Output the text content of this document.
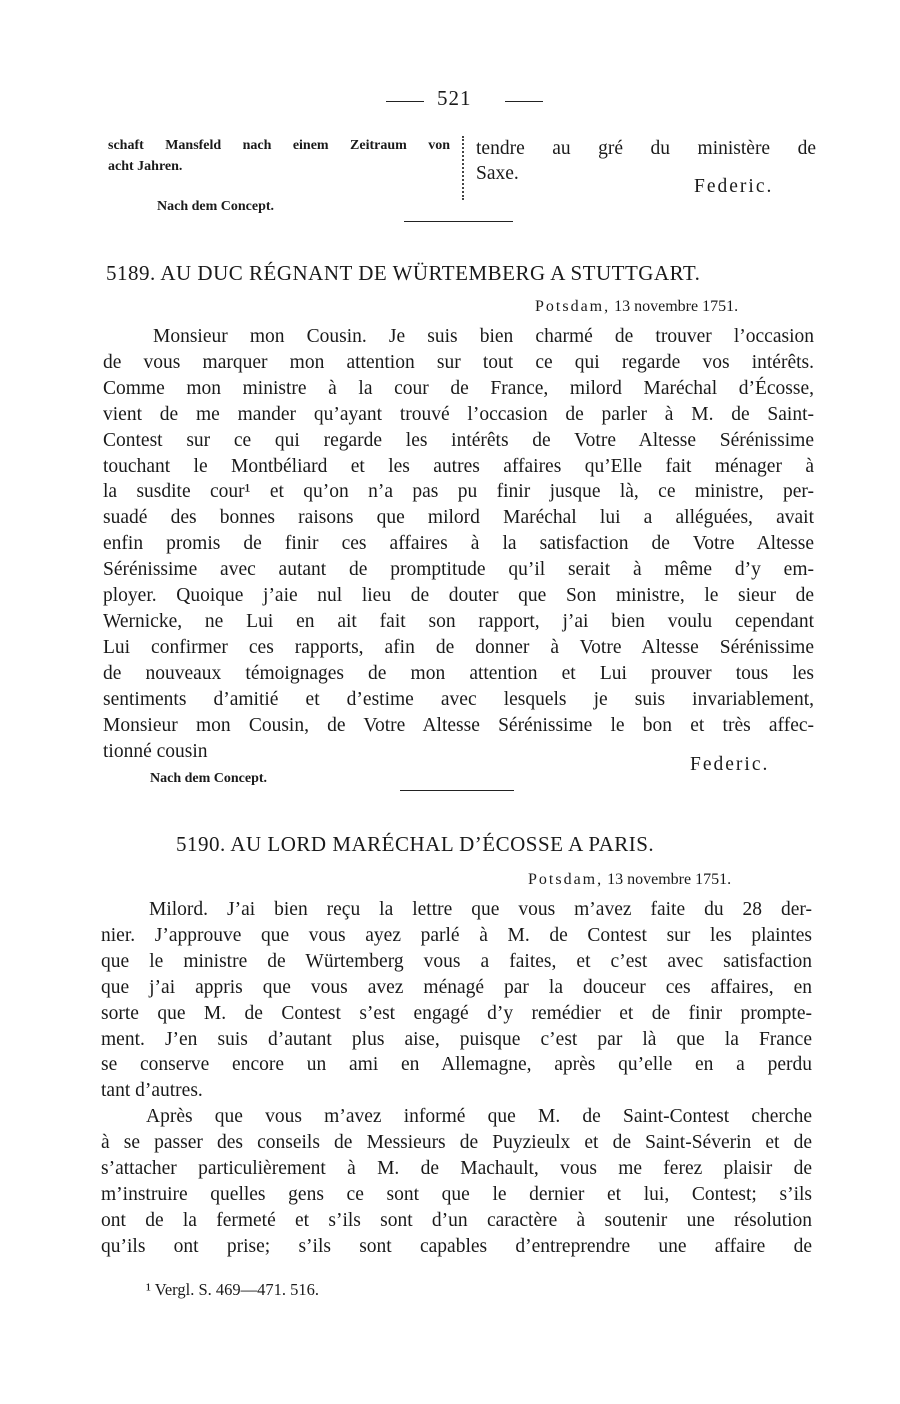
521
schaft Mansfeld nach einem Zeitraum von
acht Jahren.
tendre au gré du ministère de
Saxe.
Federic.
Nach dem Concept.
5189. AU DUC RÉGNANT DE WÜRTEMBERG A STUTTGART.
Potsdam, 13 novembre 1751.
Monsieur mon Cousin. Je suis bien charmé de trouver l’occasion
de vous marquer mon attention sur tout ce qui regarde vos intérêts.
Comme mon ministre à la cour de France, milord Maréchal d’Écosse,
vient de me mander qu’ayant trouvé l’occasion de parler à M. de Saint-
Contest sur ce qui regarde les intérêts de Votre Altesse Sérénissime
touchant le Montbéliard et les autres affaires qu’Elle fait ménager à
la susdite cour¹ et qu’on n’a pas pu finir jusque là, ce ministre, per-
suadé des bonnes raisons que milord Maréchal lui a alléguées, avait
enfin promis de finir ces affaires à la satisfaction de Votre Altesse
Sérénissime avec autant de promptitude qu’il serait à même d’y em-
ployer. Quoique j’aie nul lieu de douter que Son ministre, le sieur de
Wernicke, ne Lui en ait fait son rapport, j’ai bien voulu cependant
Lui confirmer ces rapports, afin de donner à Votre Altesse Sérénissime
de nouveaux témoignages de mon attention et Lui prouver tous les
sentiments d’amitié et d’estime avec lesquels je suis invariablement,
Monsieur mon Cousin, de Votre Altesse Sérénissime le bon et très affec-
tionné cousin
Federic.
Nach dem Concept.
5190. AU LORD MARÉCHAL D’ÉCOSSE A PARIS.
Potsdam, 13 novembre 1751.
Milord. J’ai bien reçu la lettre que vous m’avez faite du 28 der-
nier. J’approuve que vous ayez parlé à M. de Contest sur les plaintes
que le ministre de Würtemberg vous a faites, et c’est avec satisfaction
que j’ai appris que vous avez ménagé par la douceur ces affaires, en
sorte que M. de Contest s’est engagé d’y remédier et de finir prompte-
ment. J’en suis d’autant plus aise, puisque c’est par là que la France
se conserve encore un ami en Allemagne, après qu’elle en a perdu
tant d’autres.
Après que vous m’avez informé que M. de Saint-Contest cherche
à se passer des conseils de Messieurs de Puyzieulx et de Saint-Séverin et de
s’attacher particulièrement à M. de Machault, vous me ferez plaisir de
m’instruire quelles gens ce sont que le dernier et lui, Contest; s’ils
ont de la fermeté et s’ils sont d’un caractère à soutenir une résolution
qu’ils ont prise; s’ils sont capables d’entreprendre une affaire de
¹ Vergl. S. 469—471. 516.
